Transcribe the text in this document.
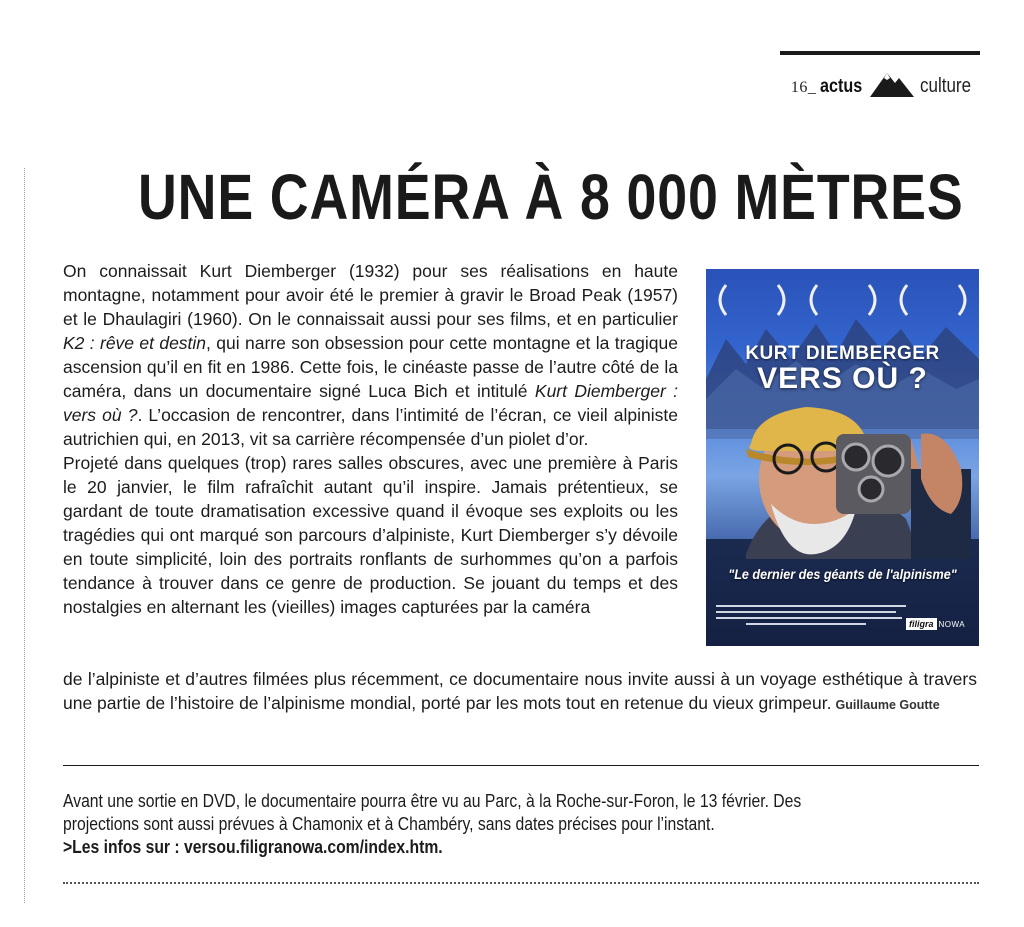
16_ actus	culture
UNE CAMÉRA À 8 000 MÈTRES

On connaissait Kurt Diemberger (1932) pour ses réalisations en haute montagne, notamment pour avoir été le premier à gravir le Broad Peak (1957) et le Dhaulagiri (1960). On le connaissait aussi pour ses films, et en particulier K2 : rêve et destin, qui narre son obsession pour cette montagne et la tragique ascension qu’il en fit en 1986. Cette fois, le cinéaste passe de l’autre côté de la caméra, dans un documentaire signé Luca Bich et intitulé Kurt Diemberger : vers où ?. L’occasion de rencontrer, dans l’intimité de l’écran, ce vieil alpiniste autrichien qui, en 2013, vit sa carrière récompensée d’un piolet d’or.

Projeté dans quelques (trop) rares salles obscures, avec une première à Paris le 20 janvier, le film rafraîchit autant qu’il inspire. Jamais prétentieux, se gardant de toute dramatisation excessive quand il évoque ses exploits ou les tragédies qui ont marqué son parcours d’alpiniste, Kurt Diemberger s’y dévoile en toute simplicité, loin des portraits ronflants de surhommes qu’on a parfois tendance à trouver dans ce genre de production. Se jouant du temps et des nostalgies en alternant les (vieilles) images capturées par la caméra

de l’alpiniste et d’autres filmées plus récemment, ce documentaire nous invite aussi à un voyage esthétique à travers une partie de l’histoire de l’alpinisme mondial, porté par les mots tout en retenue du vieux grimpeur. Guillaume Goutte

KURT DIEMBERGER
VERS OÙ ?
"Le dernier des géants de l'alpinisme"
filigra NOWA

Avant une sortie en DVD, le documentaire pourra être vu au Parc, à la Roche-sur-Foron, le 13 février. Des projections sont aussi prévues à Chamonix et à Chambéry, sans dates précises pour l’instant.

>Les infos sur : versou.filigranowa.com/index.htm.
